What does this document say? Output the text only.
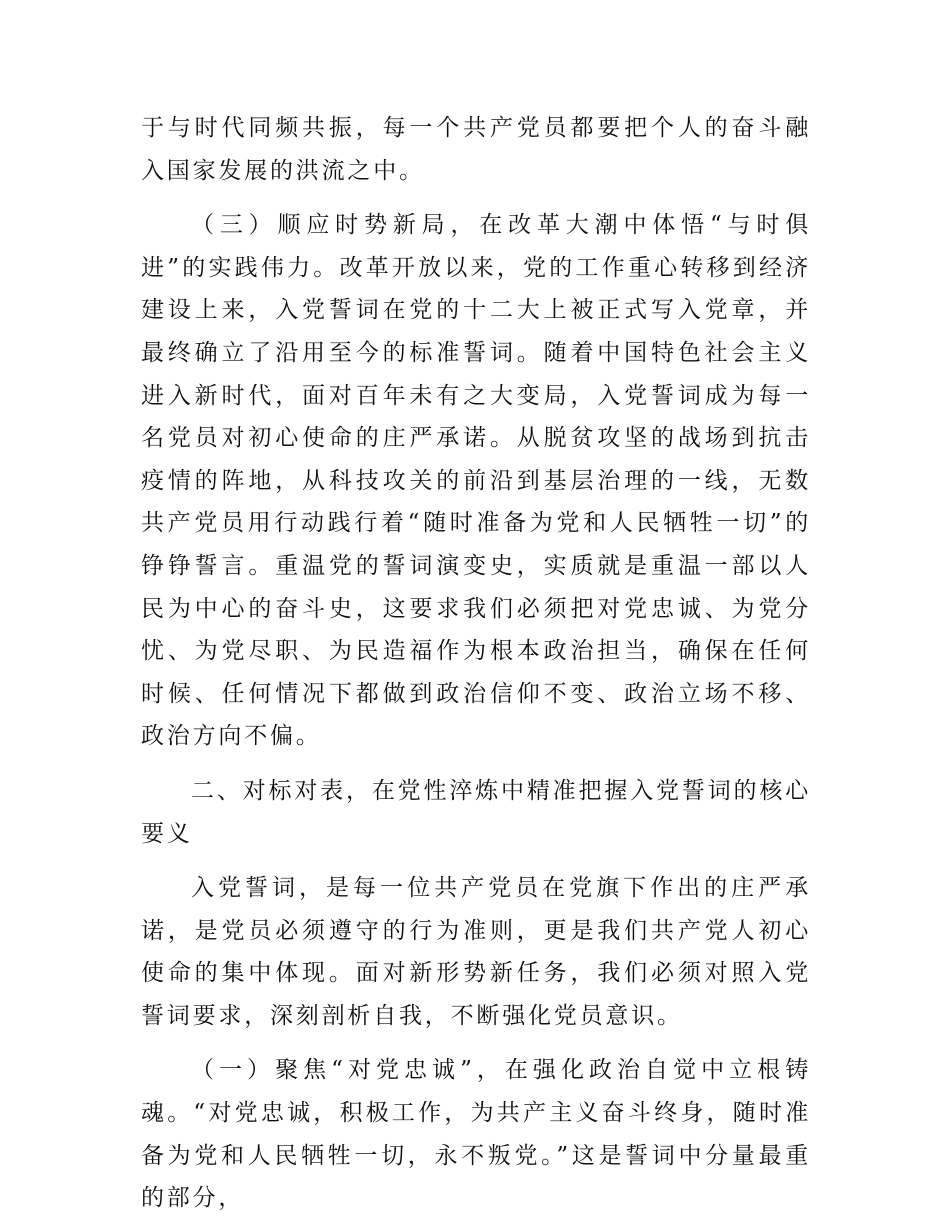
于与时代同频共振，每一个共产党员都要把个人的奋斗融入国家发展的洪流之中。

（三）顺应时势新局，在改革大潮中体悟“与时俱进”的实践伟力。改革开放以来，党的工作重心转移到经济建设上来，入党誓词在党的十二大上被正式写入党章，并最终确立了沿用至今的标准誓词。随着中国特色社会主义进入新时代，面对百年未有之大变局，入党誓词成为每一名党员对初心使命的庄严承诺。从脱贫攻坚的战场到抗击疫情的阵地，从科技攻关的前沿到基层治理的一线，无数共产党员用行动践行着“随时准备为党和人民牺牲一切”的铮铮誓言。重温党的誓词演变史，实质就是重温一部以人民为中心的奋斗史，这要求我们必须把对党忠诚、为党分忧、为党尽职、为民造福作为根本政治担当，确保在任何时候、任何情况下都做到政治信仰不变、政治立场不移、政治方向不偏。

二、对标对表，在党性淬炼中精准把握入党誓词的核心要义

入党誓词，是每一位共产党员在党旗下作出的庄严承诺，是党员必须遵守的行为准则，更是我们共产党人初心使命的集中体现。面对新形势新任务，我们必须对照入党誓词要求，深刻剖析自我，不断强化党员意识。

（一）聚焦“对党忠诚”，在强化政治自觉中立根铸魂。“对党忠诚，积极工作，为共产主义奋斗终身，随时准备为党和人民牺牲一切，永不叛党。”这是誓词中分量最重的部分，
